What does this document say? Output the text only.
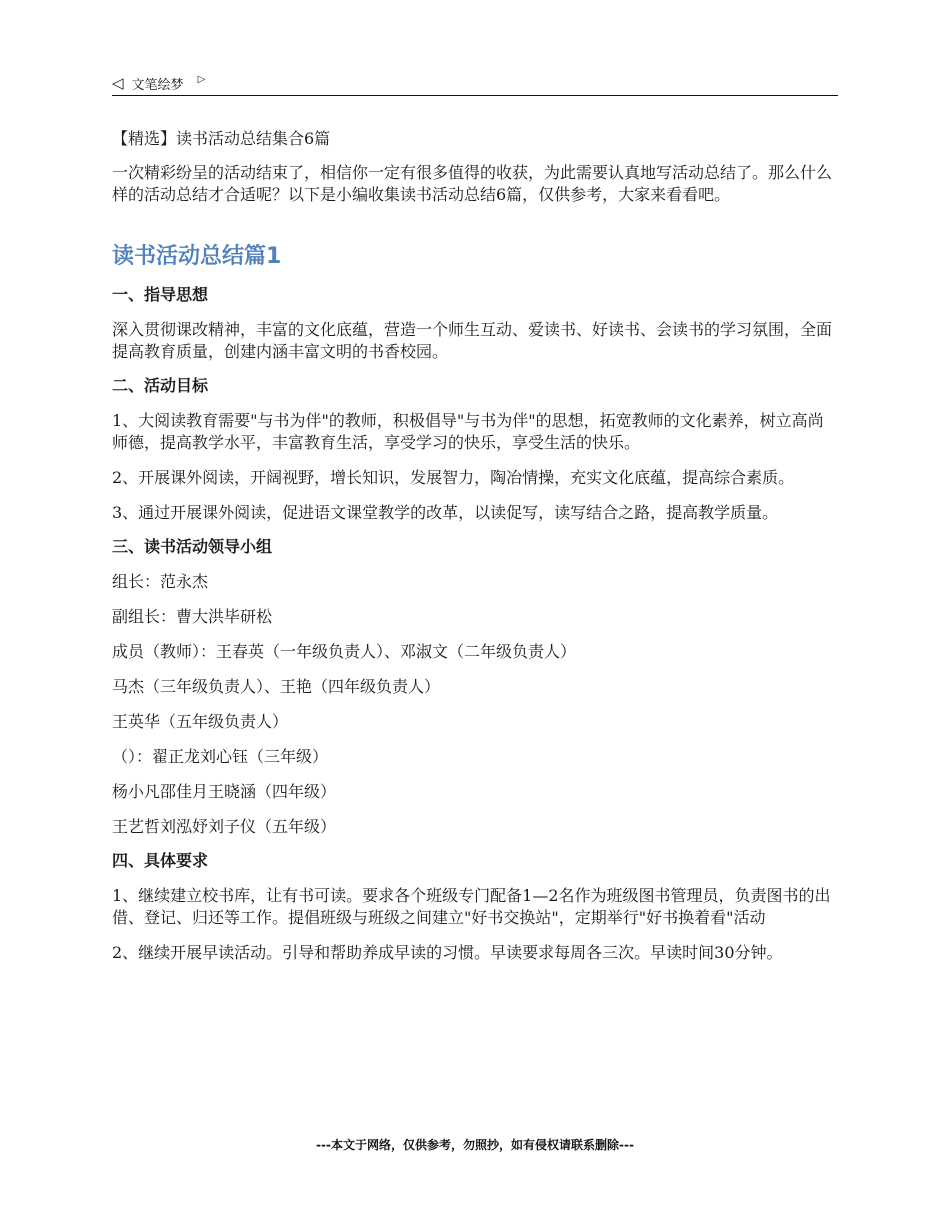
◁ 文笔绘梦 ▷

【精选】读书活动总结集合6篇

一次精彩纷呈的活动结束了，相信你一定有很多值得的收获，为此需要认真地写活动总结了。那么什么样的活动总结才合适呢？以下是小编收集读书活动总结6篇，仅供参考，大家来看看吧。

读书活动总结篇1

一、指导思想

深入贯彻课改精神，丰富的文化底蕴，营造一个师生互动、爱读书、好读书、会读书的学习氛围，全面提高教育质量，创建内涵丰富文明的书香校园。

二、活动目标

1、大阅读教育需要"与书为伴"的教师，积极倡导"与书为伴"的思想，拓宽教师的文化素养，树立高尚师德，提高教学水平，丰富教育生活，享受学习的快乐，享受生活的快乐。

2、开展课外阅读，开阔视野，增长知识，发展智力，陶冶情操，充实文化底蕴，提高综合素质。

3、通过开展课外阅读，促进语文课堂教学的改革，以读促写，读写结合之路，提高教学质量。

三、读书活动领导小组

组长：范永杰

副组长：曹大洪毕研松

成员（教师）：王春英（一年级负责人）、邓淑文（二年级负责人）

马杰（三年级负责人）、王艳（四年级负责人）

王英华（五年级负责人）

（）：翟正龙刘心钰（三年级）

杨小凡邵佳月王晓涵（四年级）

王艺哲刘泓妤刘子仪（五年级）

四、具体要求

1、继续建立校书库，让有书可读。要求各个班级专门配备1—2名作为班级图书管理员，负责图书的出借、登记、归还等工作。提倡班级与班级之间建立"好书交换站"，定期举行"好书换着看"活动

2、继续开展早读活动。引导和帮助养成早读的习惯。早读要求每周各三次。早读时间30分钟。

---本文于网络，仅供参考，勿照抄，如有侵权请联系删除---
